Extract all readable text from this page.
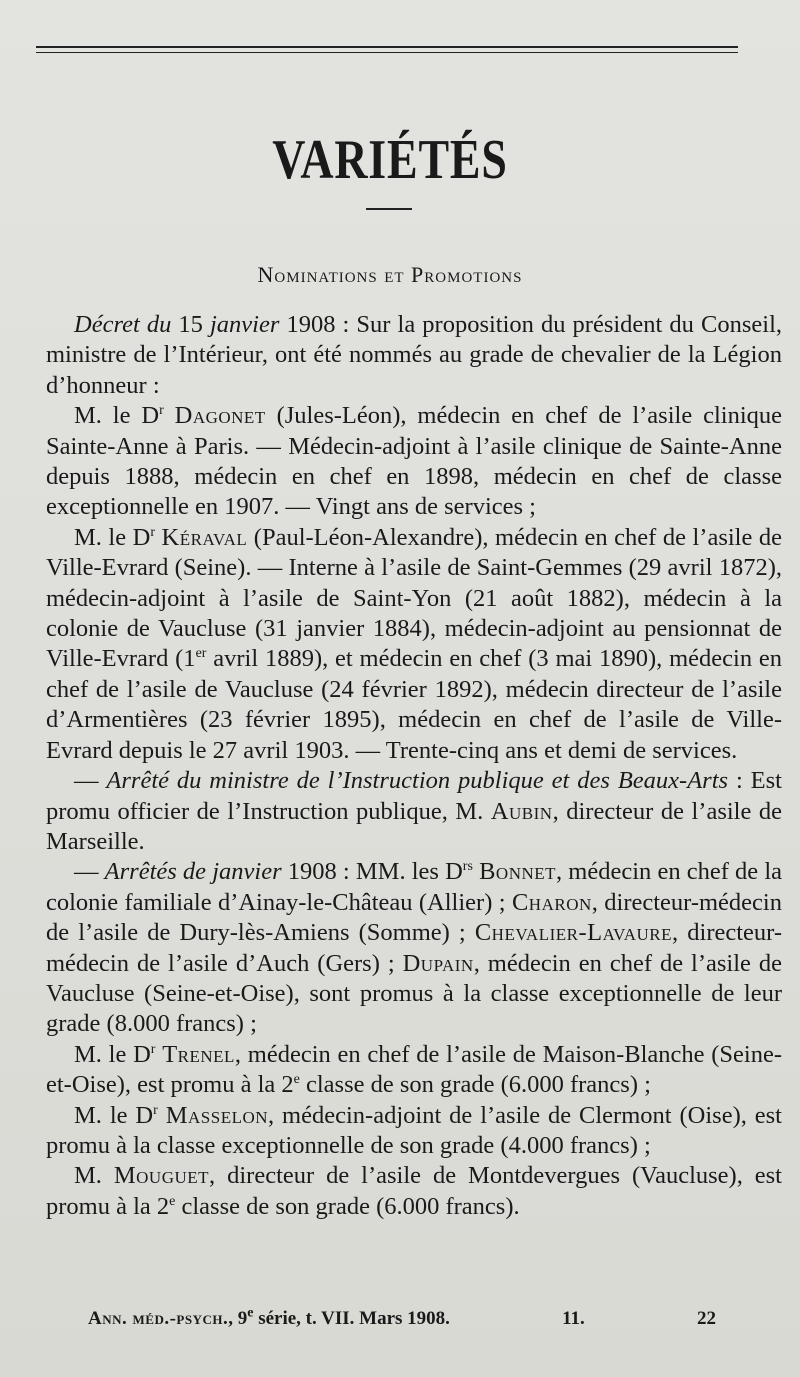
VARIÉTÉS
Nominations et Promotions

Décret du 15 janvier 1908 : Sur la proposition du président du Conseil, ministre de l’Intérieur, ont été nommés au grade de chevalier de la Légion d’honneur :

M. le $D^r$ Dagonet (Jules-Léon), médecin en chef de l’asile clinique Sainte-Anne à Paris. — Médecin-adjoint à l’asile clinique de Sainte-Anne depuis 1888, médecin en chef en 1898, médecin en chef de classe exceptionnelle en 1907. — Vingt ans de services ;

M. le $D^r$ Kéraval (Paul-Léon-Alexandre), médecin en chef de l’asile de Ville-Evrard (Seine). — Interne à l’asile de Saint-Gemmes (29 avril 1872), médecin-adjoint à l’asile de Saint-Yon (21 août 1882), médecin à la colonie de Vaucluse (31 janvier 1884), médecin-adjoint au pensionnat de Ville-Evrard (1er avril 1889), et médecin en chef (3 mai 1890), médecin en chef de l’asile de Vaucluse (24 février 1892), médecin directeur de l’asile d’Armentières (23 février 1895), médecin en chef de l’asile de Ville-Evrard depuis le 27 avril 1903. — Trente-cinq ans et demi de services.

— Arrêté du ministre de l’Instruction publique et des Beaux-Arts : Est promu officier de l’Instruction publique, M. Aubin, directeur de l’asile de Marseille.

— Arrêtés de janvier 1908 : MM. les $D^{rs}$ Bonnet, médecin en chef de la colonie familiale d’Ainay-le-Château (Allier) ; Charon, directeur-médecin de l’asile de Dury-lès-Amiens (Somme) ; Chevalier-Lavaure, directeur-médecin de l’asile d’Auch (Gers) ; Dupain, médecin en chef de l’asile de Vaucluse (Seine-et-Oise), sont promus à la classe exceptionnelle de leur grade (8.000 francs) ;

M. le $D^r$ Trenel, médecin en chef de l’asile de Maison-Blanche (Seine-et-Oise), est promu à la 2e classe de son grade (6.000 francs) ;

M. le $D^r$ Masselon, médecin-adjoint de l’asile de Clermont (Oise), est promu à la classe exceptionnelle de son grade (4.000 francs) ;

M. Mouguet, directeur de l’asile de Montdevergues (Vaucluse), est promu à la 2e classe de son grade (6.000 francs).

Ann. méd.-psych., 9e série, t. VII. Mars 1908.	11.	22
